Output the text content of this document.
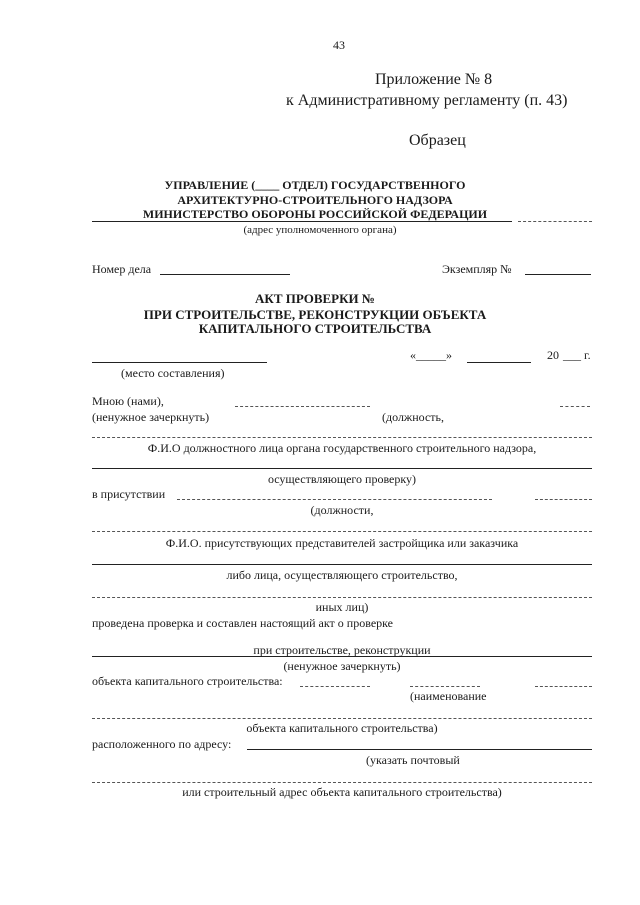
43
Приложение № 8
к Административному регламенту (п. 43)
Образец
УПРАВЛЕНИЕ (____ ОТДЕЛ) ГОСУДАРСТВЕННОГО
АРХИТЕКТУРНО-СТРОИТЕЛЬНОГО НАДЗОРА
МИНИСТЕРСТВО ОБОРОНЫ РОССИЙСКОЙ ФЕДЕРАЦИИ
(адрес уполномоченного органа)
Номер дела	Экземпляр №
АКТ ПРОВЕРКИ №
ПРИ СТРОИТЕЛЬСТВЕ, РЕКОНСТРУКЦИИ ОБЪЕКТА
КАПИТАЛЬНОГО СТРОИТЕЛЬСТВА
«_____»	20 ___ г.
(место составления)
Мною (нами),
(ненужное зачеркнуть)	(должность,
Ф.И.О должностного лица органа государственного строительного надзора,
осуществляющего проверку)
в присутствии
(должности,
Ф.И.О. присутствующих представителей застройщика или заказчика
либо лица, осуществляющего строительство,
иных лиц)
проведена проверка и составлен настоящий акт о проверке
при строительстве, реконструкции
(ненужное зачеркнуть)
объекта капитального строительства:
(наименование
объекта капитального строительства)
расположенного по адресу:
(указать почтовый
или строительный адрес объекта капитального строительства)
